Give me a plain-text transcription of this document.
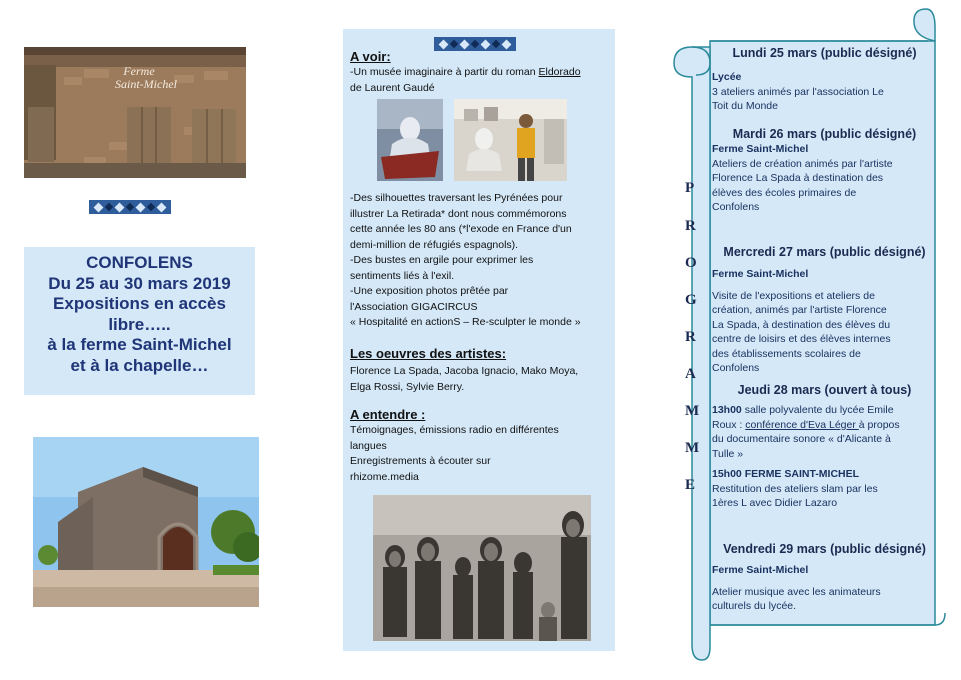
Ferme
Saint-Michel
CONFOLENS
Du 25 au 30 mars 2019
Expositions en accès
libre…..
à la ferme Saint-Michel
et à la chapelle…
A voir:

-Un musée imaginaire à partir du roman Eldorado

de Laurent Gaudé

-Des silhouettes traversant les Pyrénées pour

illustrer La Retirada* dont nous commémorons

cette année les 80 ans (*l'exode en France d'un

demi-million de réfugiés espagnols).

-Des bustes en argile pour exprimer les

sentiments liés à l'exil.

-Une exposition photos prêtée par

l'Association GIGACIRCUS

« Hospitalité en actionS – Re-sculpter le monde »

Les oeuvres des artistes:

Florence La Spada, Jacoba Ignacio, Mako Moya,

Elga Rossi, Sylvie Berry.

A entendre :

Témoignages, émissions radio en différentes

langues

Enregistrements à écouter sur

rhizome.media

P
R
O
G
R
A
M
M
E

Lundi 25 mars (public désigné)

Lycée

3 ateliers animés par l'association Le

Toit du Monde

Mardi 26 mars (public désigné)

Ferme Saint-Michel

Ateliers de création animés par l'artiste

Florence La Spada à destination des

élèves des écoles primaires de

Confolens

Mercredi 27 mars (public désigné)

Ferme Saint-Michel

Visite de l'expositions et ateliers de

création, animés par l'artiste Florence

La Spada, à destination des élèves du

centre de loisirs et des élèves internes

des établissements scolaires de

Confolens

Jeudi 28 mars (ouvert à tous)

13h00 salle polyvalente du lycée Emile

Roux : conférence d'Eva Léger à propos

du documentaire sonore « d'Alicante à

Tulle »

15h00 FERME SAINT-MICHEL

Restitution des ateliers slam par les

1ères L avec Didier Lazaro

Vendredi 29 mars (public désigné)

Ferme Saint-Michel

Atelier musique avec les animateurs

culturels du lycée.
